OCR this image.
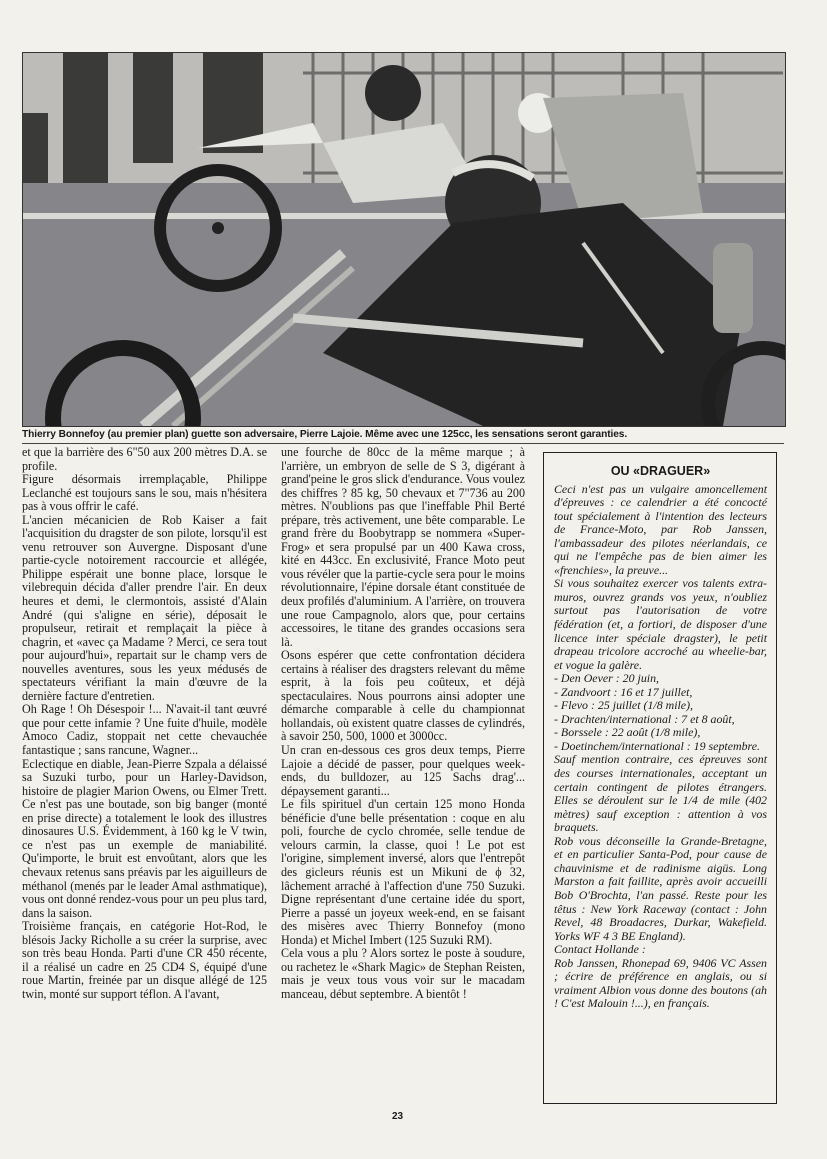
Thierry Bonnefoy (au premier plan) guette son adversaire, Pierre Lajoie. Même avec une 125cc, les sensations seront garanties.

et que la barrière des 6"50 aux 200 mètres D.A. se profile.

Figure désormais irremplaçable, Philippe Leclanché est toujours sans le sou, mais n'hésitera pas à vous offrir le café.

L'ancien mécanicien de Rob Kaiser a fait l'acquisition du dragster de son pilote, lorsqu'il est venu retrouver son Auvergne. Disposant d'une partie-cycle notoirement raccourcie et allégée, Philippe espérait une bonne place, lorsque le vilebrequin décida d'aller prendre l'air. En deux heures et demi, le clermontois, assisté d'Alain André (qui s'aligne en série), déposait le propulseur, retirait et remplaçait la pièce à chagrin, et «avec ça Madame ? Merci, ce sera tout pour aujourd'hui», repartait sur le champ vers de nouvelles aventures, sous les yeux médusés de spectateurs vérifiant la main d'œuvre de la dernière facture d'entretien.

Oh Rage ! Oh Désespoir !... N'avait-il tant œuvré que pour cette infamie ? Une fuite d'huile, modèle Amoco Cadiz, stoppait net cette chevauchée fantastique ; sans rancune, Wagner...

Eclectique en diable, Jean-Pierre Szpala a délaissé sa Suzuki turbo, pour un Harley-Davidson, histoire de plagier Marion Owens, ou Elmer Trett. Ce n'est pas une boutade, son big banger (monté en prise directe) a totalement le look des illustres dinosaures U.S. Évidemment, à 160 kg le V twin, ce n'est pas un exemple de maniabilité. Qu'importe, le bruit est envoûtant, alors que les chevaux retenus sans préavis par les aiguilleurs de méthanol (menés par le leader Amal asthmatique), vous ont donné rendez-vous pour un peu plus tard, dans la saison.

Troisième français, en catégorie Hot-Rod, le blésois Jacky Richolle a su créer la surprise, avec son très beau Honda. Parti d'une CR 450 récente, il a réalisé un cadre en 25 CD4 S, équipé d'une roue Martin, freinée par un disque allégé de 125 twin, monté sur support téflon. A l'avant,

une fourche de 80cc de la même marque ; à l'arrière, un embryon de selle de S 3, digérant à grand'peine le gros slick d'endurance. Vous voulez des chiffres ? 85 kg, 50 chevaux et 7"736 au 200 mètres. N'oublions pas que l'ineffable Phil Berté prépare, très activement, une bête comparable. Le grand frère du Boobytrapp se nommera «Super-Frog» et sera propulsé par un 400 Kawa cross, kité en 443cc. En exclusivité, France Moto peut vous révéler que la partie-cycle sera pour le moins révolutionnaire, l'épine dorsale étant constituée de deux profilés d'aluminium. A l'arrière, on trouvera une roue Campagnolo, alors que, pour certains accessoires, le titane des grandes occasions sera là.

Osons espérer que cette confrontation décidera certains à réaliser des dragsters relevant du même esprit, à la fois peu coûteux, et déjà spectaculaires. Nous pourrons ainsi adopter une démarche comparable à celle du championnat hollandais, où existent quatre classes de cylindrés, à savoir 250, 500, 1000 et 3000cc.

Un cran en-dessous ces gros deux temps, Pierre Lajoie a décidé de passer, pour quelques week-ends, du bulldozer, au 125 Sachs drag'... dépaysement garanti...

Le fils spirituel d'un certain 125 mono Honda bénéficie d'une belle présentation : coque en alu poli, fourche de cyclo chromée, selle tendue de velours carmin, la classe, quoi ! Le pot est l'origine, simplement inversé, alors que l'entrepôt des gicleurs réunis est un Mikuni de ϕ 32, lâchement arraché à l'affection d'une 750 Suzuki. Digne représentant d'une certaine idée du sport, Pierre a passé un joyeux week-end, en se faisant des misères avec Thierry Bonnefoy (mono Honda) et Michel Imbert (125 Suzuki RM).

Cela vous a plu ? Alors sortez le poste à soudure, ou rachetez le «Shark Magic» de Stephan Reisten, mais je veux tous vous voir sur le macadam manceau, début septembre. A bientôt !

OU «DRAGUER»

Ceci n'est pas un vulgaire amoncellement d'épreuves : ce calendrier a été concocté tout spécialement à l'intention des lecteurs de France-Moto, par Rob Janssen, l'ambassadeur des pilotes néerlandais, ce qui ne l'empêche pas de bien aimer les «frenchies», la preuve...

Si vous souhaitez exercer vos talents extra-muros, ouvrez grands vos yeux, n'oubliez surtout pas l'autorisation de votre fédération (et, a fortiori, de disposer d'une licence inter spéciale dragster), le petit drapeau tricolore accroché au wheelie-bar, et vogue la galère.

- Den Oever : 20 juin,
- Zandvoort : 16 et 17 juillet,
- Flevo : 25 juillet (1/8 mile),
- Drachten/international : 7 et 8 août,
- Borssele : 22 août (1/8 mile),
- Doetinchem/international : 19 septembre.

Sauf mention contraire, ces épreuves sont des courses internationales, acceptant un certain contingent de pilotes étrangers. Elles se déroulent sur le 1/4 de mile (402 mètres) sauf exception : attention à vos braquets.

Rob vous déconseille la Grande-Bretagne, et en particulier Santa-Pod, pour cause de chauvinisme et de radinisme aigüs. Long Marston a fait faillite, après avoir accueilli Bob O'Brochta, l'an passé. Reste pour les têtus : New York Raceway (contact : John Revel, 48 Broadacres, Durkar, Wakefield. Yorks WF 4 3 BE England).

Contact Hollande :

Rob Janssen, Rhonepad 69, 9406 VC Assen ; écrire de préférence en anglais, ou si vraiment Albion vous donne des boutons (ah ! C'est Malouin !...), en français.

23
